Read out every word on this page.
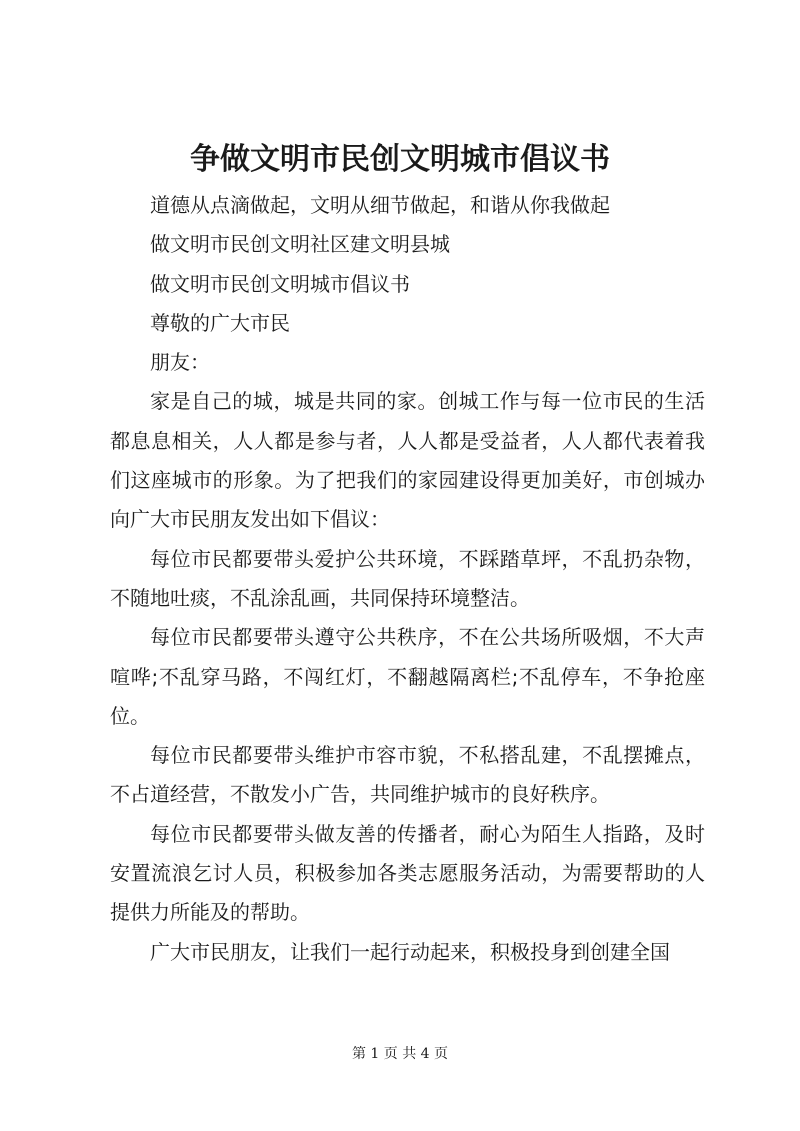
争做文明市民创文明城市倡议书

道德从点滴做起，文明从细节做起，和谐从你我做起

做文明市民创文明社区建文明县城

做文明市民创文明城市倡议书

尊敬的广大市民

朋友：

家是自己的城，城是共同的家。创城工作与每一位市民的生活都息息相关，人人都是参与者，人人都是受益者，人人都代表着我们这座城市的形象。为了把我们的家园建设得更加美好，市创城办向广大市民朋友发出如下倡议：

每位市民都要带头爱护公共环境，不踩踏草坪，不乱扔杂物，不随地吐痰，不乱涂乱画，共同保持环境整洁。

每位市民都要带头遵守公共秩序，不在公共场所吸烟，不大声喧哗;不乱穿马路，不闯红灯，不翻越隔离栏;不乱停车，不争抢座位。

每位市民都要带头维护市容市貌，不私搭乱建，不乱摆摊点，不占道经营，不散发小广告，共同维护城市的良好秩序。

每位市民都要带头做友善的传播者，耐心为陌生人指路，及时安置流浪乞讨人员，积极参加各类志愿服务活动，为需要帮助的人提供力所能及的帮助。

广大市民朋友，让我们一起行动起来，积极投身到创建全国

第 1 页 共 4 页
